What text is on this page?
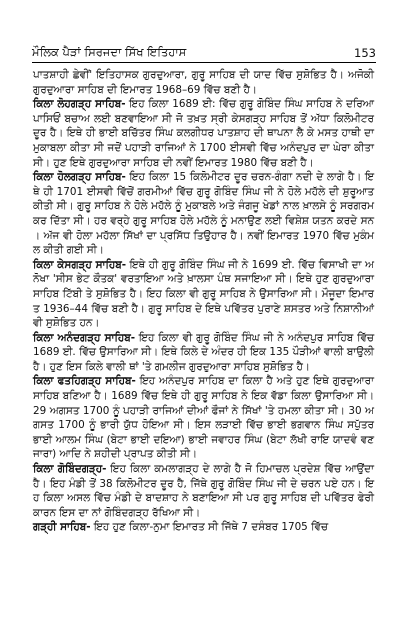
ਮੌਲਿਕ ਪੈੜਾਂ ਸਿਰਜਦਾ ਸਿੱਖ ਇਤਿਹਾਸ	153

ਪਾਤਸ਼ਾਹੀ ਛੇਵੀਂ' ਇਤਿਹਾਸਕ ਗੁਰਦੁਆਰਾ, ਗੁਰੂ ਸਾਹਿਬ ਦੀ ਯਾਦ ਵਿੱਚ ਸੁਸ਼ੋਭਿਤ ਹੈ। ਅਜੋਕੀ ਗੁਰਦੁਆਰਾ ਸਾਹਿਬ ਦੀ ਇਮਾਰਤ 1968–69 ਵਿੱਚ ਬਣੀ ਹੈ।

ਕਿਲਾ ਲੋਹਗੜ੍ਹ ਸਾਹਿਬ- ਇਹ ਕਿਲਾ 1689 ਈ: ਵਿੱਚ ਗੁਰੂ ਗੋਬਿੰਦ ਸਿੰਘ ਸਾਹਿਬ ਨੇ ਦਰਿਆ ਪਾਸਿਓਂ ਬਚਾਅ ਲਈ ਬਣਵਾਇਆ ਸੀ ਜੋ ਤਖ਼ਤ ਸ੍ਰੀ ਕੇਸਗੜ੍ਹ ਸਾਹਿਬ ਤੋਂ ਅੱਧਾ ਕਿਲੋਮੀਟਰ ਦੂਰ ਹੈ। ਇਥੇ ਹੀ ਭਾਈ ਬਚਿੱਤਰ ਸਿੰਘ ਕਲਗੀਧਰ ਪਾਤਸ਼ਾਹ ਦੀ ਥਾਪਨਾ ਲੈ ਕੇ ਮਸਤ ਹਾਥੀ ਦਾ ਮੁਕਾਬਲਾ ਕੀਤਾ ਸੀ ਜਦੋਂ ਪਹਾੜੀ ਰਾਜਿਆਂ ਨੇ 1700 ਈਸਵੀ ਵਿੱਚ ਅਨੰਦਪੁਰ ਦਾ ਘੇਰਾ ਕੀਤਾ ਸੀ। ਹੁਣ ਇਥੇ ਗੁਰਦੁਆਰਾ ਸਾਹਿਬ ਦੀ ਨਵੀਂ ਇਮਾਰਤ 1980 ਵਿੱਚ ਬਣੀ ਹੈ।

ਕਿਲਾ ਹੋਲਗੜ੍ਹ ਸਾਹਿਬ- ਇਹ ਕਿਲਾ 15 ਕਿਲੋਮੀਟਰ ਦੂਰ ਚਰਨ-ਗੰਗਾ ਨਦੀ ਦੇ ਲਾਗੇ ਹੈ। ਇਥੇ ਹੀ 1701 ਈਸਵੀ ਵਿੱਚੋਂ ਗਰਮੀਆਂ ਵਿੱਚ ਗੁਰੂ ਗੋਬਿੰਦ ਸਿੰਘ ਜੀ ਨੇ ਹੋਲੇ ਮਹੱਲੇ ਦੀ ਸ਼ੁਰੂਆਤ ਕੀਤੀ ਸੀ। ਗੁਰੂ ਸਾਹਿਬ ਨੇ ਹੋਲੇ ਮਹੱਲੇ ਨੂੰ ਮੁਕਾਬਲੇ ਅਤੇ ਜੰਗਜੂ ਖੇਡਾਂ ਨਾਲ ਖ਼ਾਲਸੇ ਨੂੰ ਸਰਗਰਮ ਕਰ ਦਿੱਤਾ ਸੀ। ਹਰ ਵਰ੍ਹੇ ਗੁਰੂ ਸਾਹਿਬ ਹੋਲੇ ਮਹੱਲੇ ਨੂੰ ਮਨਾਉਣ ਲਈ ਵਿਸ਼ੇਸ਼ ਯਤਨ ਕਰਦੇ ਸਨ। ਅੱਜ ਵੀ ਹੋਲਾ ਮਹੱਲਾ ਸਿੱਖਾਂ ਦਾ ਪ੍ਰਸਿੱਧ ਤਿਉਹਾਰ ਹੈ। ਨਵੀਂ ਇਮਾਰਤ 1970 ਵਿੱਚ ਮੁਕੰਮਲ ਕੀਤੀ ਗਈ ਸੀ।

ਕਿਲਾ ਕੇਸਗੜ੍ਹ ਸਾਹਿਬ- ਇਥੇ ਹੀ ਗੁਰੂ ਗੋਬਿੰਦ ਸਿੰਘ ਜੀ ਨੇ 1699 ਈ. ਵਿੱਚ ਵਿਸਾਖੀ ਦਾ ਅਨੋਖਾ 'ਸੀਸ ਭੇਟ ਕੌਤਕ' ਵਰਤਾਇਆ ਅਤੇ ਖ਼ਾਲਸਾ ਪੰਥ ਸਜਾਇਆ ਸੀ। ਇਥੇ ਹੁਣ ਗੁਰਦੁਆਰਾ ਸਾਹਿਬ ਟਿੱਬੀ ਤੇ ਸੁਸ਼ੋਭਿਤ ਹੈ। ਇਹ ਕਿਲਾ ਵੀ ਗੁਰੂ ਸਾਹਿਬ ਨੇ ਉਸਾਰਿਆ ਸੀ। ਮੌਜੂਦਾ ਇਮਾਰਤ 1936–44 ਵਿੱਚ ਬਣੀ ਹੈ। ਗੁਰੂ ਸਾਹਿਬ ਦੇ ਇਥੇ ਪਵਿੱਤਰ ਪੁਰਾਣੇ ਸ਼ਸਤਰ ਅਤੇ ਨਿਸ਼ਾਨੀਆਂ ਵੀ ਸੁਸ਼ੋਭਿਤ ਹਨ।

ਕਿਲਾ ਅਨੰਦਗੜ੍ਹ ਸਾਹਿਬ- ਇਹ ਕਿਲਾ ਵੀ ਗੁਰੂ ਗੋਬਿੰਦ ਸਿੰਘ ਜੀ ਨੇ ਅਨੰਦਪੁਰ ਸਾਹਿਬ ਵਿੱਚ 1689 ਈ. ਵਿੱਚ ਉਸਾਰਿਆ ਸੀ। ਇਥੇ ਕਿਲੇ ਦੇ ਅੰਦਰ ਹੀ ਇਕ 135 ਪੌੜੀਆਂ ਵਾਲੀ ਬਾਉਲੀ ਹੈ। ਹੁਣ ਇਸ ਕਿਲੇ ਵਾਲੀ ਥਾਂ 'ਤੇ ਗਮਲੀਜ ਗੁਰਦੁਆਰਾ ਸਾਹਿਬ ਸੁਸ਼ੋਭਿਤ ਹੈ।

ਕਿਲਾ ਫਤਹਿਗੜ੍ਹ ਸਾਹਿਬ- ਇਹ ਅਨੰਦਪੁਰ ਸਾਹਿਬ ਦਾ ਕਿਲਾ ਹੈ ਅਤੇ ਹੁਣ ਇਥੇ ਗੁਰਦੁਆਰਾ ਸਾਹਿਬ ਬਣਿਆ ਹੈ। 1689 ਵਿੱਚ ਇਥੇ ਹੀ ਗੁਰੂ ਸਾਹਿਬ ਨੇ ਇਕ ਵੱਡਾ ਕਿਲਾ ਉਸਾਰਿਆ ਸੀ। 29 ਅਗਸਤ 1700 ਨੂੰ ਪਹਾੜੀ ਰਾਜਿਆਂ ਦੀਆਂ ਫੌਜਾਂ ਨੇ ਸਿੱਖਾਂ 'ਤੇ ਹਮਲਾ ਕੀਤਾ ਸੀ। 30 ਅਗਸਤ 1700 ਨੂੰ ਭਾਰੀ ਯੁੱਧ ਹੋਇਆ ਸੀ। ਇਸ ਲੜਾਈ ਵਿੱਚ ਭਾਈ ਭਗਵਾਨ ਸਿੰਘ ਸਪੁੱਤਰ ਭਾਈ ਆਲਮ ਸਿੰਘ (ਬੇਟਾ ਭਾਈ ਦਇਆ) ਭਾਈ ਜਵਾਹਰ ਸਿੰਘ (ਬੇਟਾ ਲੱਖੀ ਰਾਇ ਯਾਦਵੰ ਵਣਜਾਰਾ) ਆਦਿ ਨੇ ਸ਼ਹੀਦੀ ਪ੍ਰਾਪਤ ਕੀਤੀ ਸੀ।

ਕਿਲਾ ਗੋਬਿੰਦਗੜ੍ਹ- ਇਹ ਕਿਲਾ ਕਮਲਾਗੜ੍ਹ ਦੇ ਲਾਗੇ ਹੈ ਜੋ ਹਿਮਾਚਲ ਪ੍ਰਦੇਸ਼ ਵਿੱਚ ਆਉਂਦਾ ਹੈ। ਇਹ ਮੰਡੀ ਤੋਂ 38 ਕਿਲੋਮੀਟਰ ਦੂਰ ਹੈ, ਜਿੱਥੇ ਗੁਰੂ ਗੋਬਿੰਦ ਸਿੰਘ ਜੀ ਦੇ ਚਰਨ ਪਏ ਹਨ। ਇਹ ਕਿਲਾ ਅਸਲ ਵਿੱਚ ਮੰਡੀ ਦੇ ਬਾਦਸ਼ਾਹ ਨੇ ਬਣਾਇਆ ਸੀ ਪਰ ਗੁਰੂ ਸਾਹਿਬ ਦੀ ਪਵਿੱਤਰ ਫੇਰੀ ਕਾਰਨ ਇਸ ਦਾ ਨਾਂ ਗੋਬਿੰਦਗੜ੍ਹ ਰੱਖਿਆ ਸੀ।

ਗੜ੍ਹੀ ਸਾਹਿਬ- ਇਹ ਹੁਣ ਕਿਲਾ-ਨੁਮਾ ਇਮਾਰਤ ਸੀ ਜਿੱਥੇ 7 ਦਸੰਬਰ 1705 ਵਿੱਚ
